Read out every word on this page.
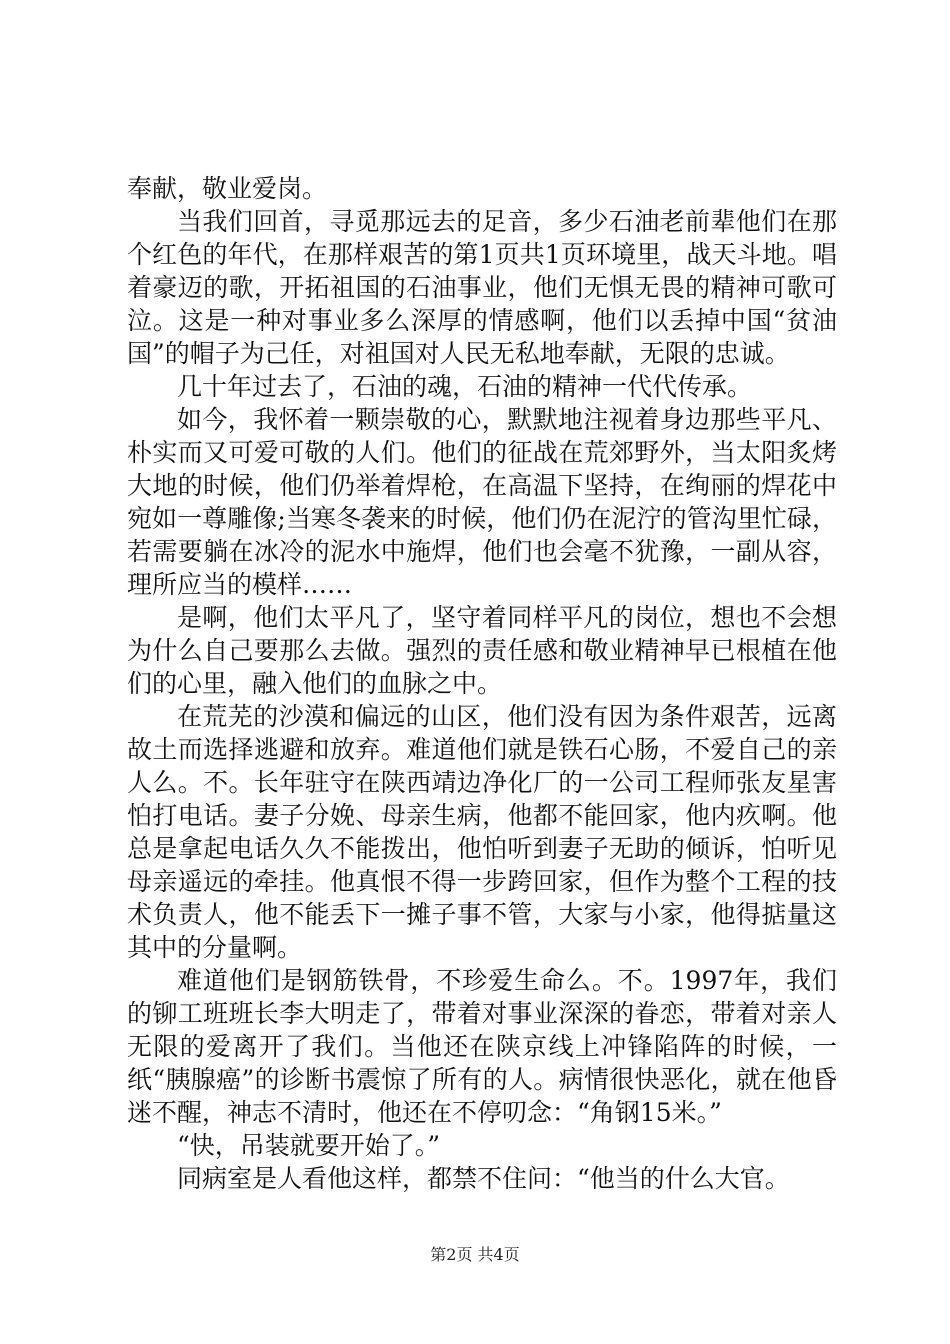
奉献，敬业爱岗。

当我们回首，寻觅那远去的足音，多少石油老前辈他们在那个红色的年代，在那样艰苦的第1页共1页环境里，战天斗地。唱着豪迈的歌，开拓祖国的石油事业，他们无惧无畏的精神可歌可泣。这是一种对事业多么深厚的情感啊，他们以丢掉中国“贫油国”的帽子为己任，对祖国对人民无私地奉献，无限的忠诚。

几十年过去了，石油的魂，石油的精神一代代传承。

如今，我怀着一颗崇敬的心，默默地注视着身边那些平凡、朴实而又可爱可敬的人们。他们的征战在荒郊野外，当太阳炙烤大地的时候，他们仍举着焊枪，在高温下坚持，在绚丽的焊花中宛如一尊雕像;当寒冬袭来的时候，他们仍在泥泞的管沟里忙碌，若需要躺在冰冷的泥水中施焊，他们也会毫不犹豫，一副从容，理所应当的模样……

是啊，他们太平凡了，坚守着同样平凡的岗位，想也不会想为什么自己要那么去做。强烈的责任感和敬业精神早已根植在他们的心里，融入他们的血脉之中。

在荒芜的沙漠和偏远的山区，他们没有因为条件艰苦，远离故土而选择逃避和放弃。难道他们就是铁石心肠，不爱自己的亲人么。不。长年驻守在陕西靖边净化厂的一公司工程师张友星害怕打电话。妻子分娩、母亲生病，他都不能回家，他内疚啊。他总是拿起电话久久不能拨出，他怕听到妻子无助的倾诉，怕听见母亲遥远的牵挂。他真恨不得一步跨回家，但作为整个工程的技术负责人，他不能丢下一摊子事不管，大家与小家，他得掂量这其中的分量啊。

难道他们是钢筋铁骨，不珍爱生命么。不。1997年，我们的铆工班班长李大明走了，带着对事业深深的眷恋，带着对亲人无限的爱离开了我们。当他还在陕京线上冲锋陷阵的时候，一纸“胰腺癌”的诊断书震惊了所有的人。病情很快恶化，就在他昏迷不醒，神志不清时，他还在不停叨念：“角钢15米。”

“快，吊装就要开始了。”

同病室是人看他这样，都禁不住问：“他当的什么大官。

第2页 共4页
